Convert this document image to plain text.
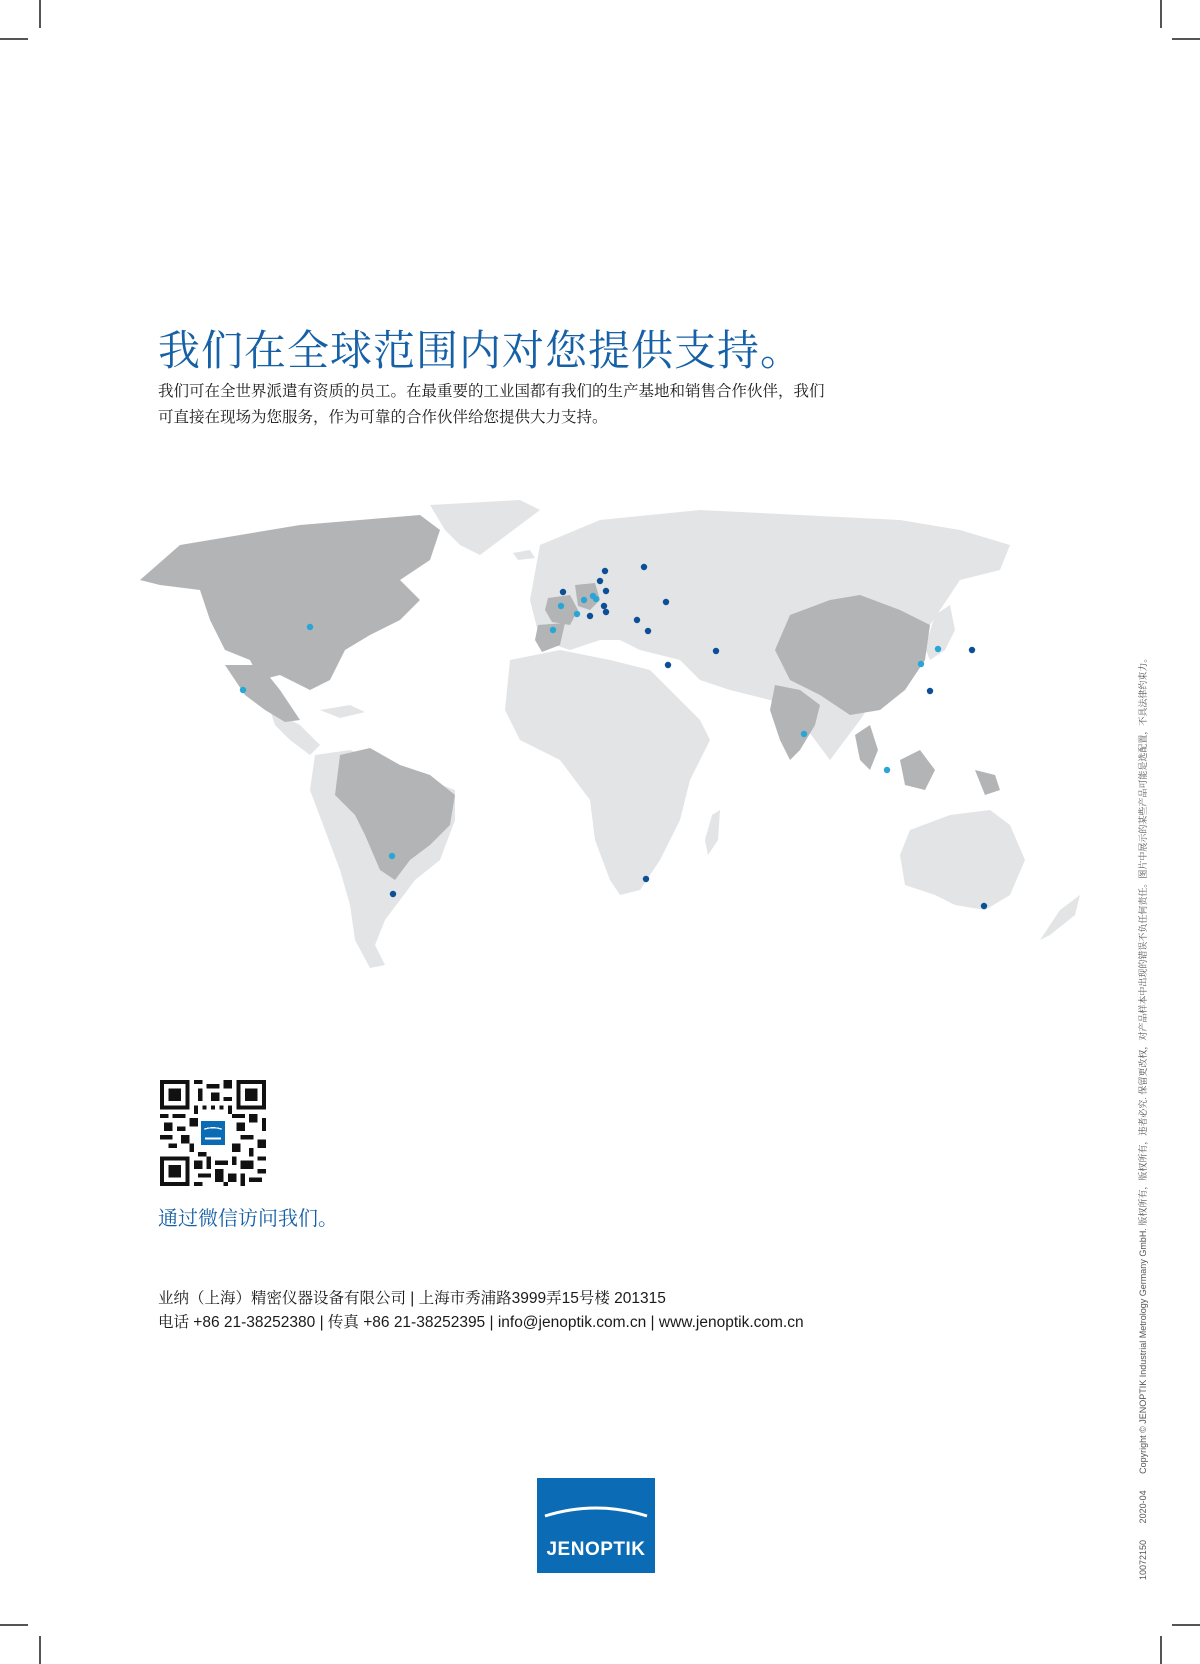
我们在全球范围内对您提供支持。

我们可在全世界派遣有资质的员工。在最重要的工业国都有我们的生产基地和销售合作伙伴，我们

可直接在现场为您服务，作为可靠的合作伙伴给您提供大力支持。

通过微信访问我们。
业纳（上海）精密仪器设备有限公司 | 上海市秀浦路3999弄15号楼 201315
电话 +86 21-38252380 | 传真 +86 21-38252395 | info@jenoptik.com.cn | www.jenoptik.com.cn
JENOPTIK	10072150 2020-04 Copyright © JENOPTIK Industrial Metrology Germany GmbH. 版权所有，版权所有，违者必究. 保留更改权，对产品样本中出现的错误不负任何责任。图片中展示的某些产品可能是选配置，不具法律约束力。
